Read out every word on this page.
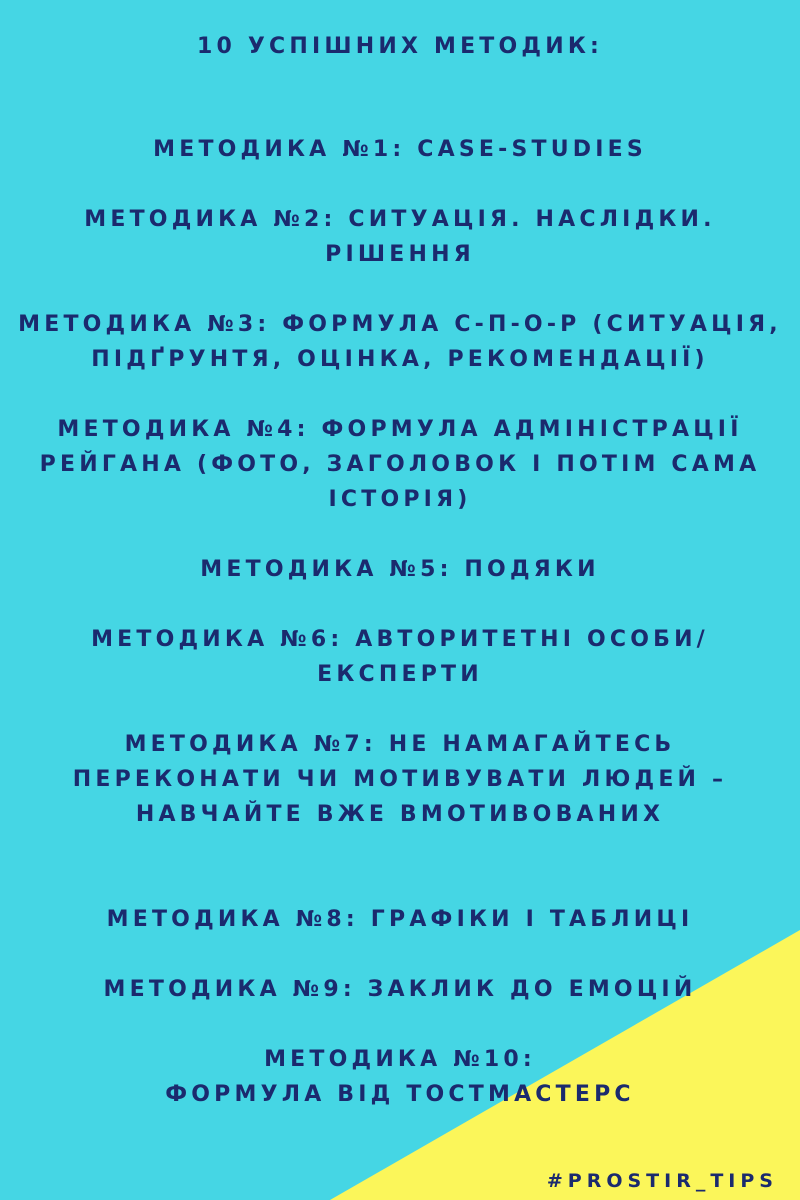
10 УСПІШНИХ МЕТОДИК:
МЕТОДИКА №1: CASE-STUDIES
МЕТОДИКА №2: СИТУАЦІЯ. НАСЛІДКИ.
РІШЕННЯ
МЕТОДИКА №3: ФОРМУЛА С-П-О-Р (СИТУАЦІЯ,
ПІДҐРУНТЯ, ОЦІНКА, РЕКОМЕНДАЦІЇ)
МЕТОДИКА №4: ФОРМУЛА АДМІНІСТРАЦІЇ
РЕЙГАНА (ФОТО, ЗАГОЛОВОК І ПОТІМ САМА
ІСТОРІЯ)
МЕТОДИКА №5: ПОДЯКИ
МЕТОДИКА №6: АВТОРИТЕТНІ ОСОБИ/
ЕКСПЕРТИ
МЕТОДИКА №7: НЕ НАМАГАЙТЕСЬ
ПЕРЕКОНАТИ ЧИ МОТИВУВАТИ ЛЮДЕЙ –
НАВЧАЙТЕ ВЖЕ ВМОТИВОВАНИХ
МЕТОДИКА №8: ГРАФІКИ І ТАБЛИЦІ
МЕТОДИКА №9: ЗАКЛИК ДО ЕМОЦІЙ
МЕТОДИКА №10:
ФОРМУЛА ВІД ТОСТМАСТЕРС
#PROSTIR_TIPS
